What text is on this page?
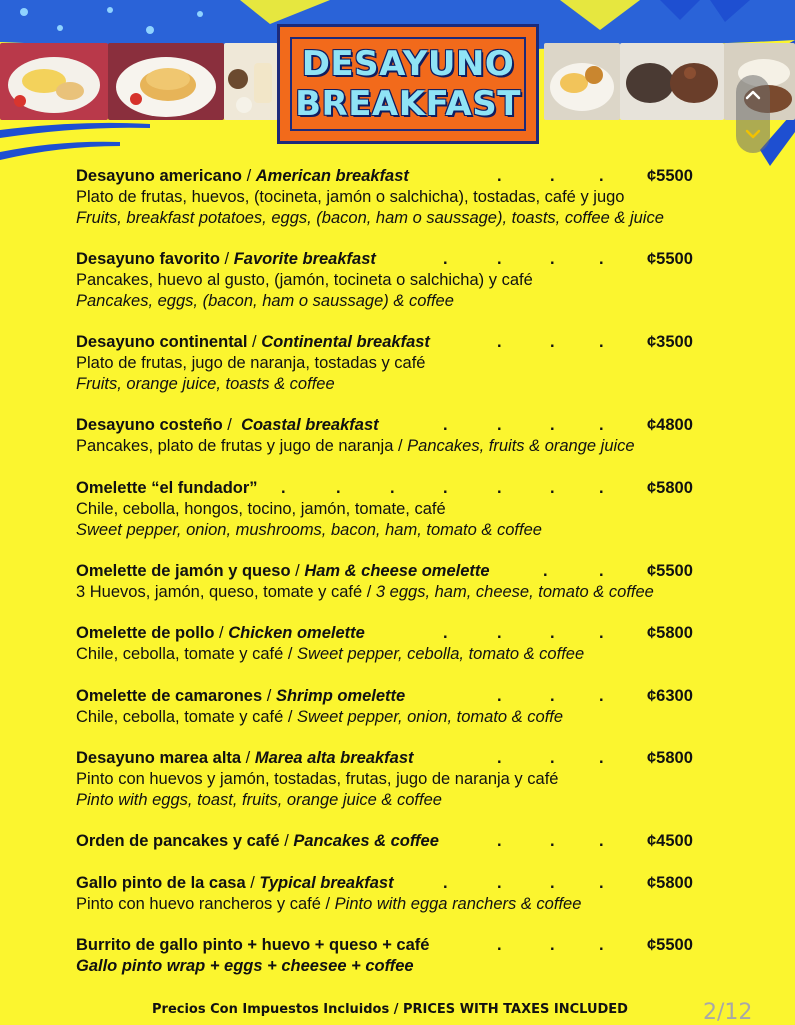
DESAYUNO
BREAKFAST
Desayuno americano / American breakfast	.	.	.	¢5500
Plato de frutas, huevos, (tocineta, jamón o salchicha), tostadas, café y jugo
Fruits, breakfast potatoes, eggs, (bacon, ham o saussage), toasts, coffee & juice
Desayuno favorito / Favorite breakfast	.	.	.	.	¢5500
Pancakes, huevo al gusto, (jamón, tocineta o salchicha) y café
Pancakes, eggs, (bacon, ham o saussage) & coffee
Desayuno continental / Continental breakfast	.	.	.	¢3500
Plato de frutas, jugo de naranja, tostadas y café
Fruits, orange juice, toasts & coffee
Desayuno costeño /  Coastal breakfast	.	.	.	.	¢4800
Pancakes, plato de frutas y jugo de naranja / Pancakes, fruits & orange juice
Omelette “el fundador” .	.	.	.	.	.	.	¢5800
Chile, cebolla, hongos, tocino, jamón, tomate, café
Sweet pepper, onion, mushrooms, bacon, ham, tomato & coffee
Omelette de jamón y queso / Ham & cheese omelette	.	.	¢5500
3 Huevos, jamón, queso, tomate y café / 3 eggs, ham, cheese, tomato & coffee
Omelette de pollo / Chicken omelette	.	.	.	.	¢5800
Chile, cebolla, tomate y café / Sweet pepper, cebolla, tomato & coffee
Omelette de camarones / Shrimp omelette	.	.	.	¢6300
Chile, cebolla, tomate y café / Sweet pepper, onion, tomato & coffe
Desayuno marea alta / Marea alta breakfast	.	.	.	¢5800
Pinto con huevos y jamón, tostadas, frutas, jugo de naranja y café
Pinto with eggs, toast, fruits, orange juice & coffee
Orden de pancakes y café / Pancakes & coffee	.	.	.	¢4500
Gallo pinto de la casa / Typical breakfast	.	.	.	.	¢5800
Pinto con huevo rancheros y café / Pinto with egga ranchers & coffee
Burrito de gallo pinto + huevo + queso + café	.	.	.	¢5500
Gallo pinto wrap + eggs + cheesee + coffee
Precios Con Impuestos Incluidos / PRICES WITH TAXES INCLUDED	2/12
